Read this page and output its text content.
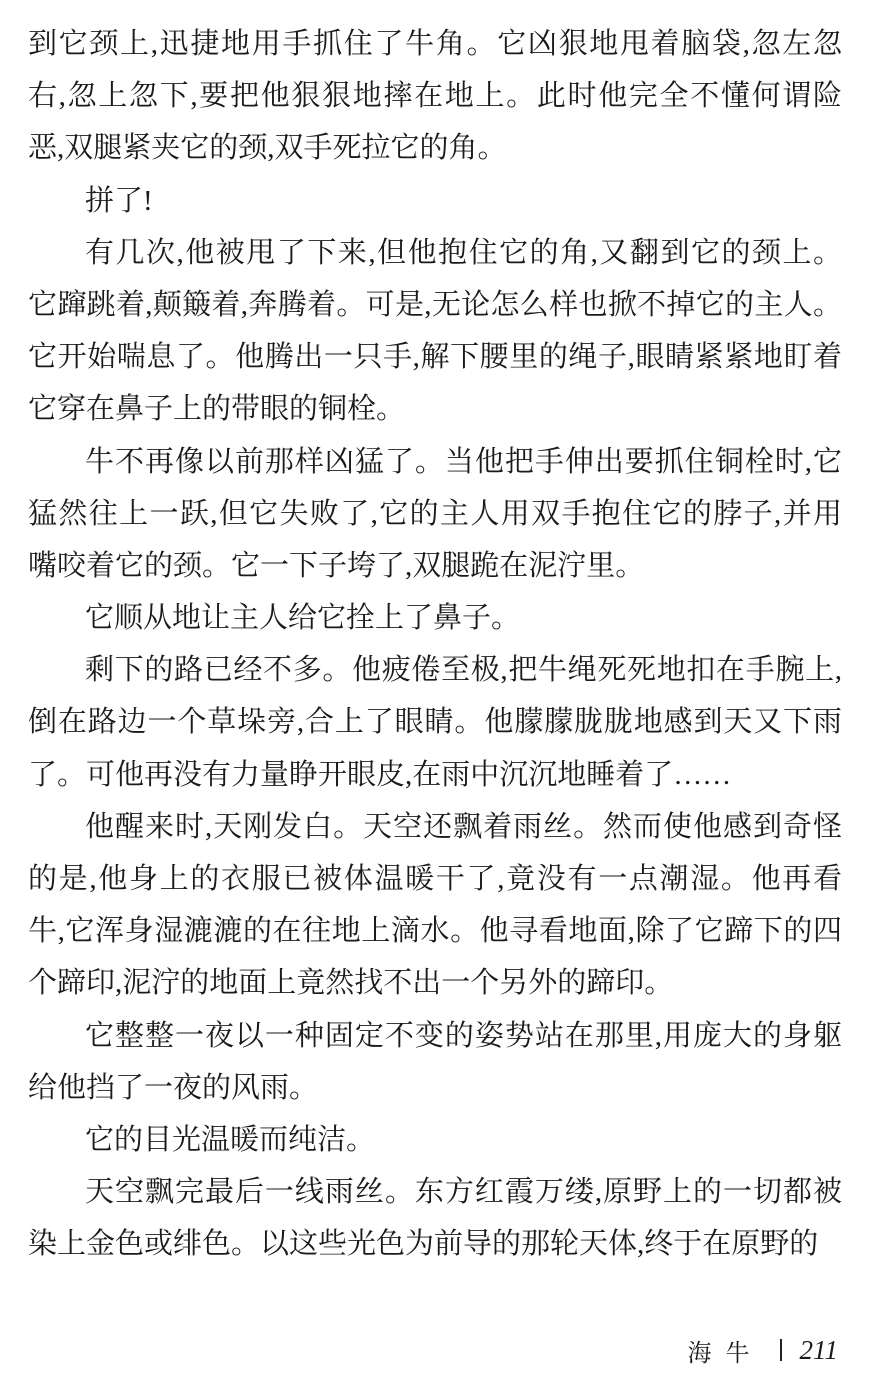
到它颈上,迅捷地用手抓住了牛角。它凶狠地甩着脑袋,忽左忽
右,忽上忽下,要把他狠狠地摔在地上。此时他完全不懂何谓险
恶,双腿紧夹它的颈,双手死拉它的角。
拼了!
有几次,他被甩了下来,但他抱住它的角,又翻到它的颈上。
它蹿跳着,颠簸着,奔腾着。可是,无论怎么样也掀不掉它的主人。
它开始喘息了。他腾出一只手,解下腰里的绳子,眼睛紧紧地盯着
它穿在鼻子上的带眼的铜栓。
牛不再像以前那样凶猛了。当他把手伸出要抓住铜栓时,它
猛然往上一跃,但它失败了,它的主人用双手抱住它的脖子,并用
嘴咬着它的颈。它一下子垮了,双腿跪在泥泞里。
它顺从地让主人给它拴上了鼻子。
剩下的路已经不多。他疲倦至极,把牛绳死死地扣在手腕上,
倒在路边一个草垛旁,合上了眼睛。他朦朦胧胧地感到天又下雨
了。可他再没有力量睁开眼皮,在雨中沉沉地睡着了……
他醒来时,天刚发白。天空还飘着雨丝。然而使他感到奇怪
的是,他身上的衣服已被体温暖干了,竟没有一点潮湿。他再看
牛,它浑身湿漉漉的在往地上滴水。他寻看地面,除了它蹄下的四
个蹄印,泥泞的地面上竟然找不出一个另外的蹄印。
它整整一夜以一种固定不变的姿势站在那里,用庞大的身躯
给他挡了一夜的风雨。
它的目光温暖而纯洁。
天空飘完最后一线雨丝。东方红霞万缕,原野上的一切都被
染上金色或绯色。以这些光色为前导的那轮天体,终于在原野的
海牛 211
